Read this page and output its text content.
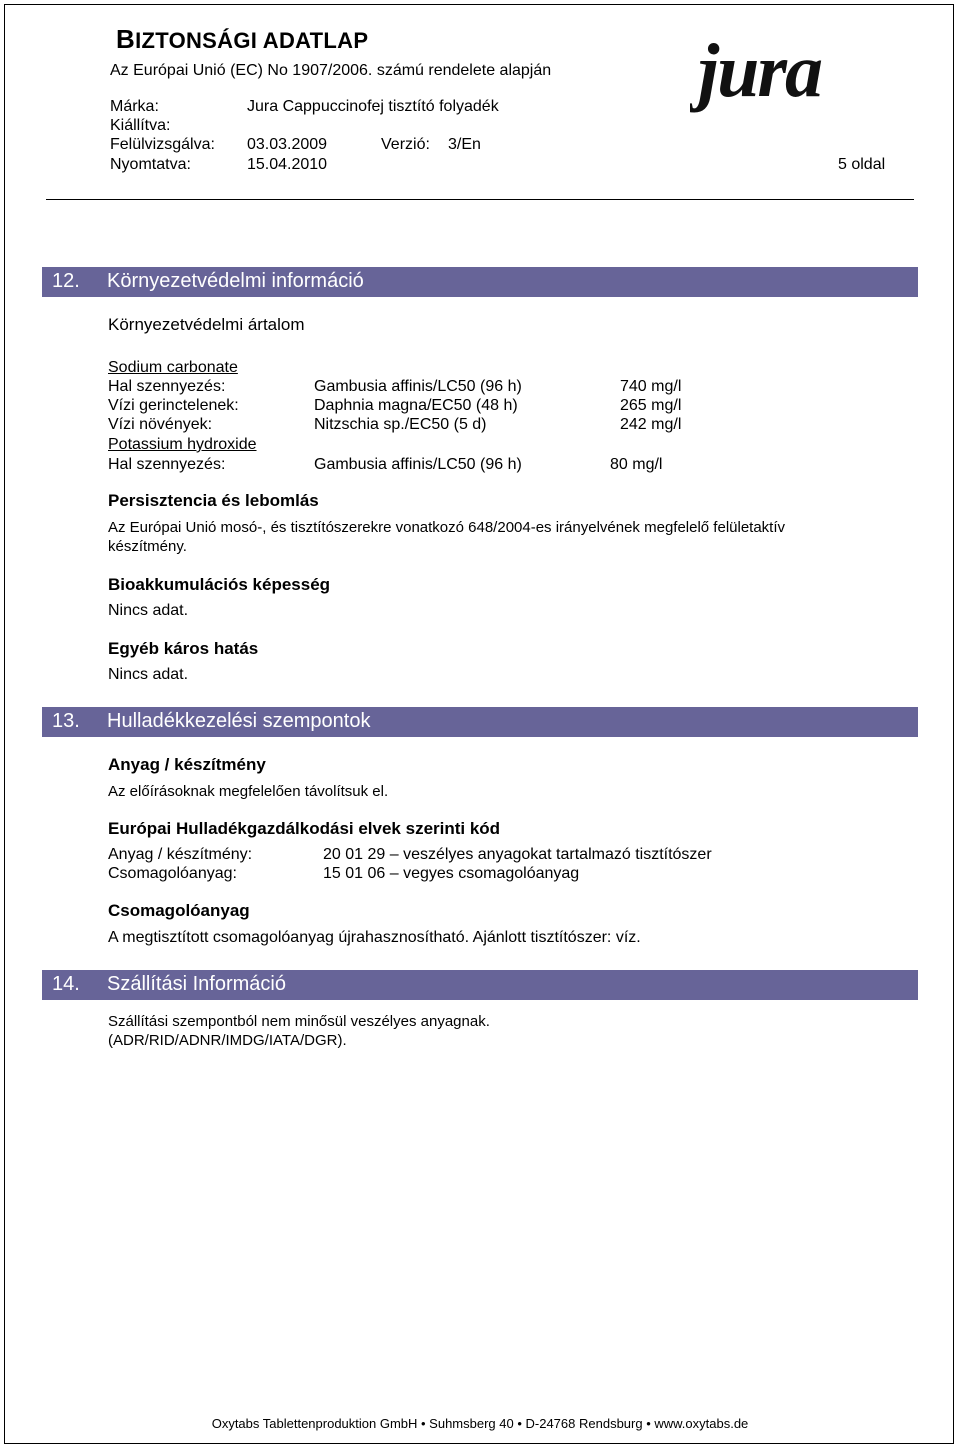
BIZTONSÁGI ADATLAP
Az Európai Unió (EC) No 1907/2006. számú rendelete alapján
Márka:	Jura Cappuccinofej tisztító folyadék
Kiállítva:
Felülvizsgálva: 03.03.2009	Verzió: 3/En
Nyomtatva:	15.04.2010	5 oldal
jura
12. Környezetvédelmi információ
Környezetvédelmi ártalom
Sodium carbonate
Hal szennyezés:	Gambusia affinis/LC50 (96 h)	740 mg/l
Vízi gerinctelenek:	Daphnia magna/EC50 (48 h)	265 mg/l
Vízi növények:	Nitzschia sp./EC50 (5 d)	242 mg/l
Potassium hydroxide
Hal szennyezés:	Gambusia affinis/LC50 (96 h)	80 mg/l
Persisztencia és lebomlás
Az Európai Unió mosó-, és tisztítószerekre vonatkozó 648/2004-es irányelvének megfelelő felületaktív
készítmény.
Bioakkumulációs képesség
Nincs adat.
Egyéb káros hatás
Nincs adat.
13. Hulladékkezelési szempontok
Anyag / készítmény
Az előírásoknak megfelelően távolítsuk el.
Európai Hulladékgazdálkodási elvek szerinti kód
Anyag / készítmény:	20 01 29 – veszélyes anyagokat tartalmazó tisztítószer
Csomagolóanyag:	15 01 06 – vegyes csomagolóanyag
Csomagolóanyag
A megtisztított csomagolóanyag újrahasznosítható. Ajánlott tisztítószer: víz.
14. Szállítási Információ
Szállítási szempontból nem minősül veszélyes anyagnak.
(ADR/RID/ADNR/IMDG/IATA/DGR).
Oxytabs Tablettenproduktion GmbH • Suhmsberg 40 • D-24768 Rendsburg • www.oxytabs.de
